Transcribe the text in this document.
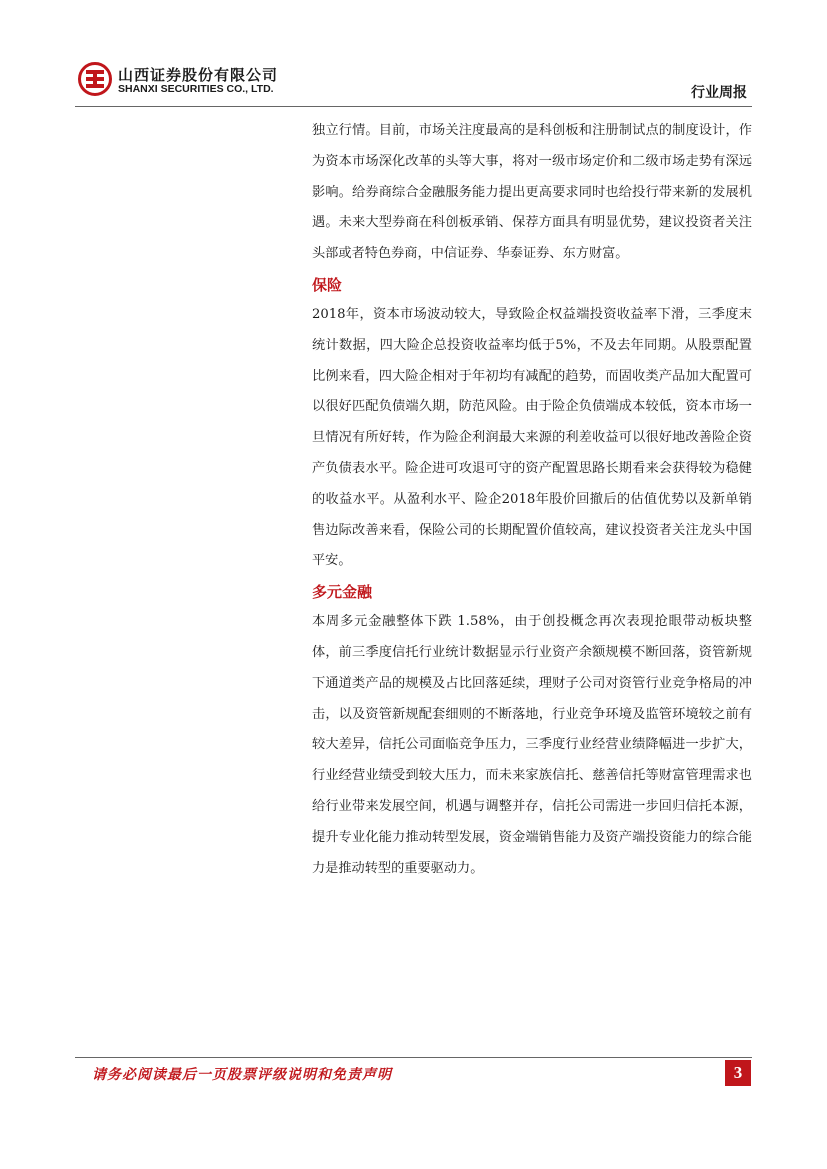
山西证券股份有限公司
SHANXI SECURITIES CO., LTD.	行业周报

独立行情。目前，市场关注度最高的是科创板和注册制试点的制度设计，作为资本市场深化改革的头等大事，将对一级市场定价和二级市场走势有深远影响。给券商综合金融服务能力提出更高要求同时也给投行带来新的发展机遇。未来大型券商在科创板承销、保荐方面具有明显优势，建议投资者关注头部或者特色券商，中信证券、华泰证券、东方财富。

保险

2018年，资本市场波动较大，导致险企权益端投资收益率下滑，三季度末统计数据，四大险企总投资收益率均低于5%，不及去年同期。从股票配置比例来看，四大险企相对于年初均有减配的趋势，而固收类产品加大配置可以很好匹配负债端久期，防范风险。由于险企负债端成本较低，资本市场一旦情况有所好转，作为险企利润最大来源的利差收益可以很好地改善险企资产负债表水平。险企进可攻退可守的资产配置思路长期看来会获得较为稳健的收益水平。从盈利水平、险企2018年股价回撤后的估值优势以及新单销售边际改善来看，保险公司的长期配置价值较高，建议投资者关注龙头中国平安。

多元金融

本周多元金融整体下跌 1.58%，由于创投概念再次表现抢眼带动板块整体，前三季度信托行业统计数据显示行业资产余额规模不断回落，资管新规下通道类产品的规模及占比回落延续，理财子公司对资管行业竞争格局的冲击，以及资管新规配套细则的不断落地，行业竞争环境及监管环境较之前有较大差异，信托公司面临竞争压力，三季度行业经营业绩降幅进一步扩大，行业经营业绩受到较大压力，而未来家族信托、慈善信托等财富管理需求也给行业带来发展空间，机遇与调整并存，信托公司需进一步回归信托本源，提升专业化能力推动转型发展，资金端销售能力及资产端投资能力的综合能力是推动转型的重要驱动力。

请务必阅读最后一页股票评级说明和免责声明	3
